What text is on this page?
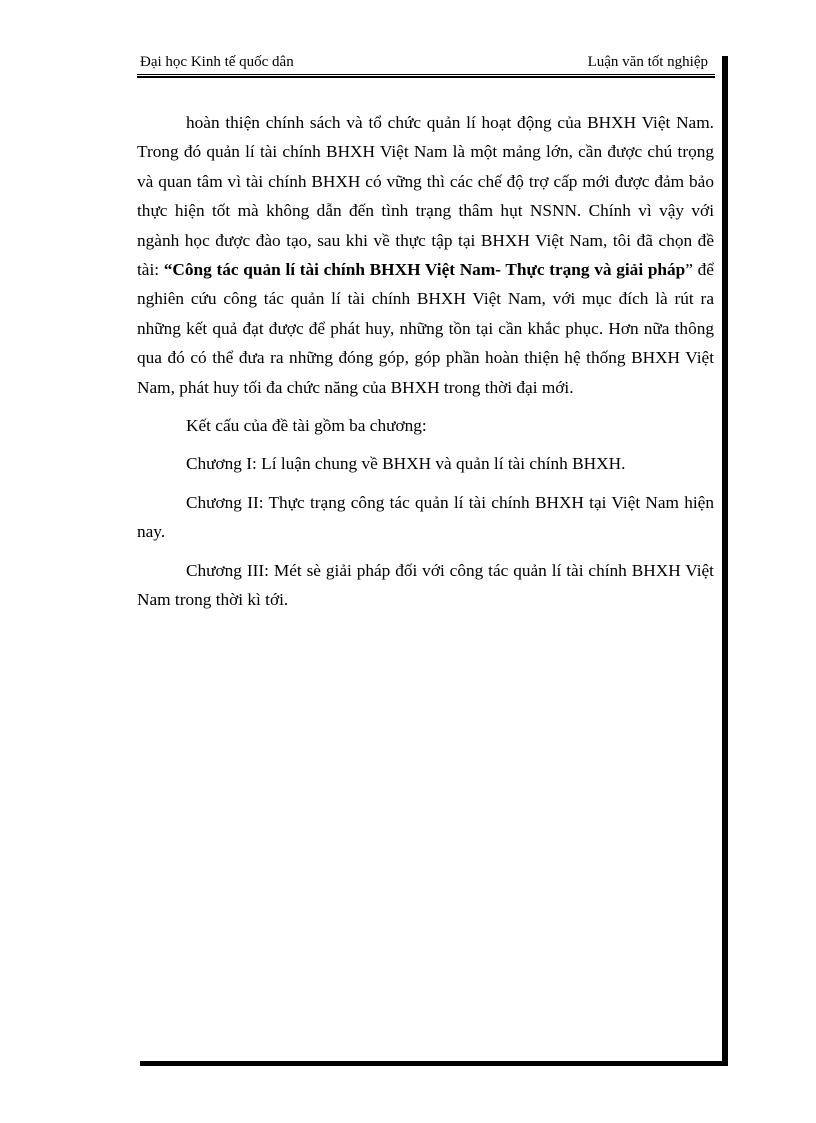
Đại học Kinh tế quốc dân	Luận văn tốt nghiệp

hoàn thiện chính sách và tổ chức quản lí hoạt động của BHXH Việt Nam. Trong đó quản lí tài chính BHXH Việt Nam là một mảng lớn, cần được chú trọng và quan tâm vì tài chính BHXH có vững thì các chế độ trợ cấp mới được đảm bảo thực hiện tốt mà không dẫn đến tình trạng thâm hụt NSNN. Chính vì vậy với ngành học được đào tạo, sau khi về thực tập tại BHXH Việt Nam, tôi đã chọn đề tài: “Công tác quản lí tài chính BHXH Việt Nam- Thực trạng và giải pháp” để nghiên cứu công tác quản lí tài chính BHXH Việt Nam, với mục đích là rút ra những kết quả đạt được để phát huy, những tồn tại cần khắc phục. Hơn nữa thông qua đó có thể đưa ra những đóng góp, góp phần hoàn thiện hệ thống BHXH Việt Nam, phát huy tối đa chức năng của BHXH trong thời đại mới.

Kết cấu của đề tài gồm ba chương:

Chương I: Lí luận chung về BHXH và quản lí tài chính BHXH.

Chương II: Thực trạng công tác quản lí tài chính BHXH tại Việt Nam hiện nay.

Chương III: Mét sè giải pháp đối với công tác quản lí tài chính BHXH Việt Nam trong thời kì tới.
